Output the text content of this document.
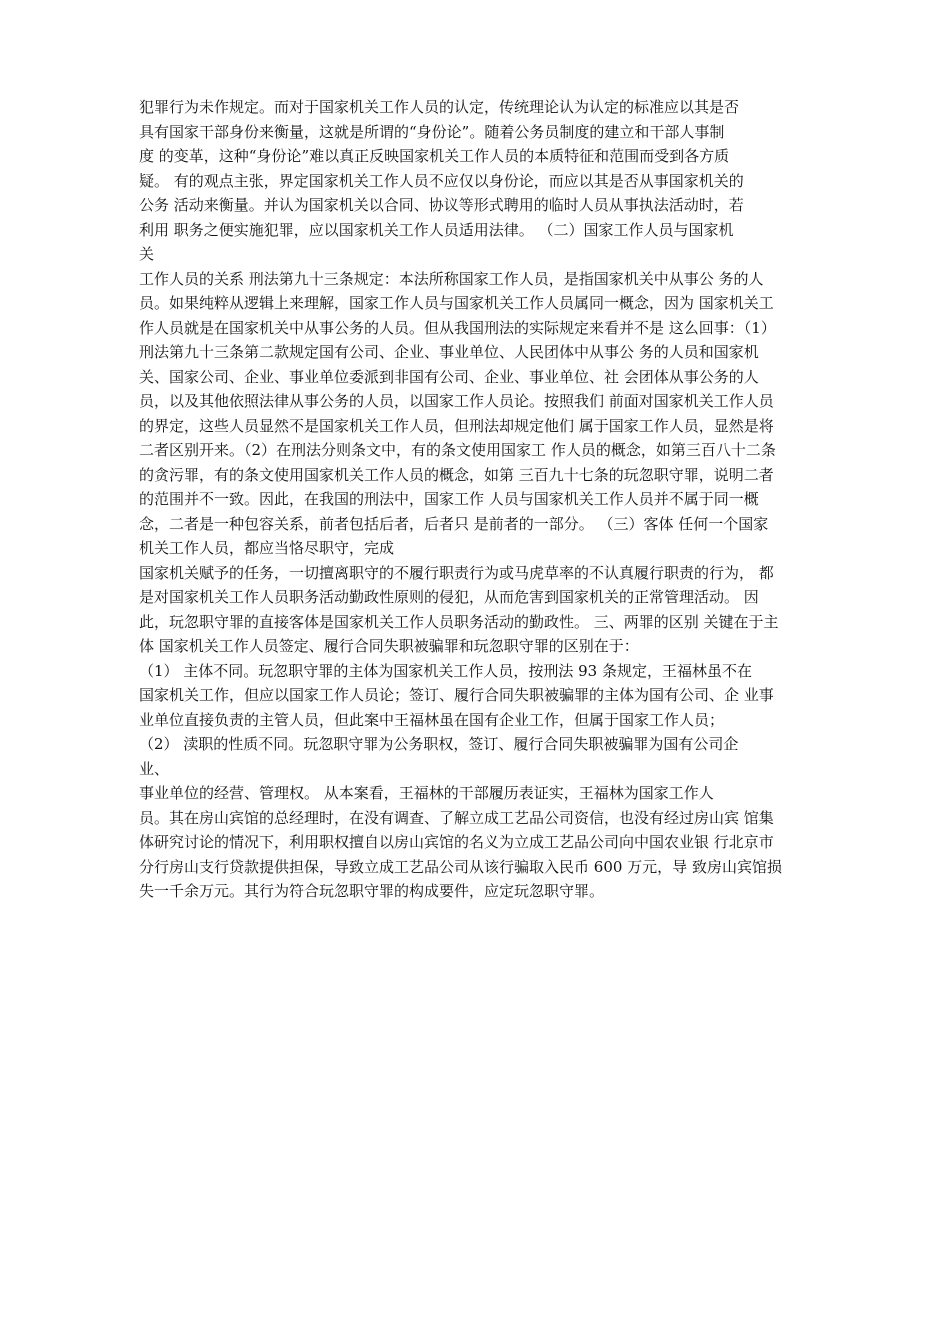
犯罪行为未作规定。而对于国家机关工作人员的认定，传统理论认为认定的标准应以其是否
具有国家干部身份来衡量，这就是所谓的“身份论”。随着公务员制度的建立和干部人事制
度 的变革，这种“身份论”难以真正反映国家机关工作人员的本质特征和范围而受到各方质
疑。 有的观点主张，界定国家机关工作人员不应仅以身份论，而应以其是否从事国家机关的
公务 活动来衡量。并认为国家机关以合同、协议等形式聘用的临时人员从事执法活动时，若
利用 职务之便实施犯罪，应以国家机关工作人员适用法律。 （二）国家工作人员与国家机
关
工作人员的关系 刑法第九十三条规定：本法所称国家工作人员，是指国家机关中从事公 务的人
员。如果纯粹从逻辑上来理解，国家工作人员与国家机关工作人员属同一概念，因为 国家机关工
作人员就是在国家机关中从事公务的人员。但从我国刑法的实际规定来看并不是 这么回事：（1）
刑法第九十三条第二款规定国有公司、企业、事业单位、人民团体中从事公 务的人员和国家机
关、国家公司、企业、事业单位委派到非国有公司、企业、事业单位、社 会团体从事公务的人
员，以及其他依照法律从事公务的人员，以国家工作人员论。按照我们 前面对国家机关工作人员
的界定，这些人员显然不是国家机关工作人员，但刑法却规定他们 属于国家工作人员，显然是将
二者区别开来。（2）在刑法分则条文中，有的条文使用国家工 作人员的概念，如第三百八十二条
的贪污罪，有的条文使用国家机关工作人员的概念，如第 三百九十七条的玩忽职守罪，说明二者
的范围并不一致。因此，在我国的刑法中，国家工作 人员与国家机关工作人员并不属于同一概
念，二者是一种包容关系，前者包括后者，后者只 是前者的一部分。 （三）客体 任何一个国家
机关工作人员，都应当恪尽职守，完成
国家机关赋予的任务，一切擅离职守的不履行职责行为或马虎草率的不认真履行职责的行为， 都
是对国家机关工作人员职务活动勤政性原则的侵犯，从而危害到国家机关的正常管理活动。 因
此，玩忽职守罪的直接客体是国家机关工作人员职务活动的勤政性。 三、两罪的区别 关键在于主
体 国家机关工作人员签定、履行合同失职被骗罪和玩忽职守罪的区别在于：
（1） 主体不同。玩忽职守罪的主体为国家机关工作人员，按刑法 93 条规定，王福林虽不在
国家机关工作，但应以国家工作人员论；签订、履行合同失职被骗罪的主体为国有公司、企 业事
业单位直接负责的主管人员，但此案中王福林虽在国有企业工作，但属于国家工作人员；
（2） 渎职的性质不同。玩忽职守罪为公务职权，签订、履行合同失职被骗罪为国有公司企
业、
事业单位的经营、管理权。 从本案看，王福林的干部履历表证实，王福林为国家工作人
员。其在房山宾馆的总经理时，在没有调查、了解立成工艺品公司资信，也没有经过房山宾 馆集
体研究讨论的情况下，利用职权擅自以房山宾馆的名义为立成工艺品公司向中国农业银 行北京市
分行房山支行贷款提供担保，导致立成工艺品公司从该行骗取入民币 600 万元，导 致房山宾馆损
失一千余万元。其行为符合玩忽职守罪的构成要件，应定玩忽职守罪。
